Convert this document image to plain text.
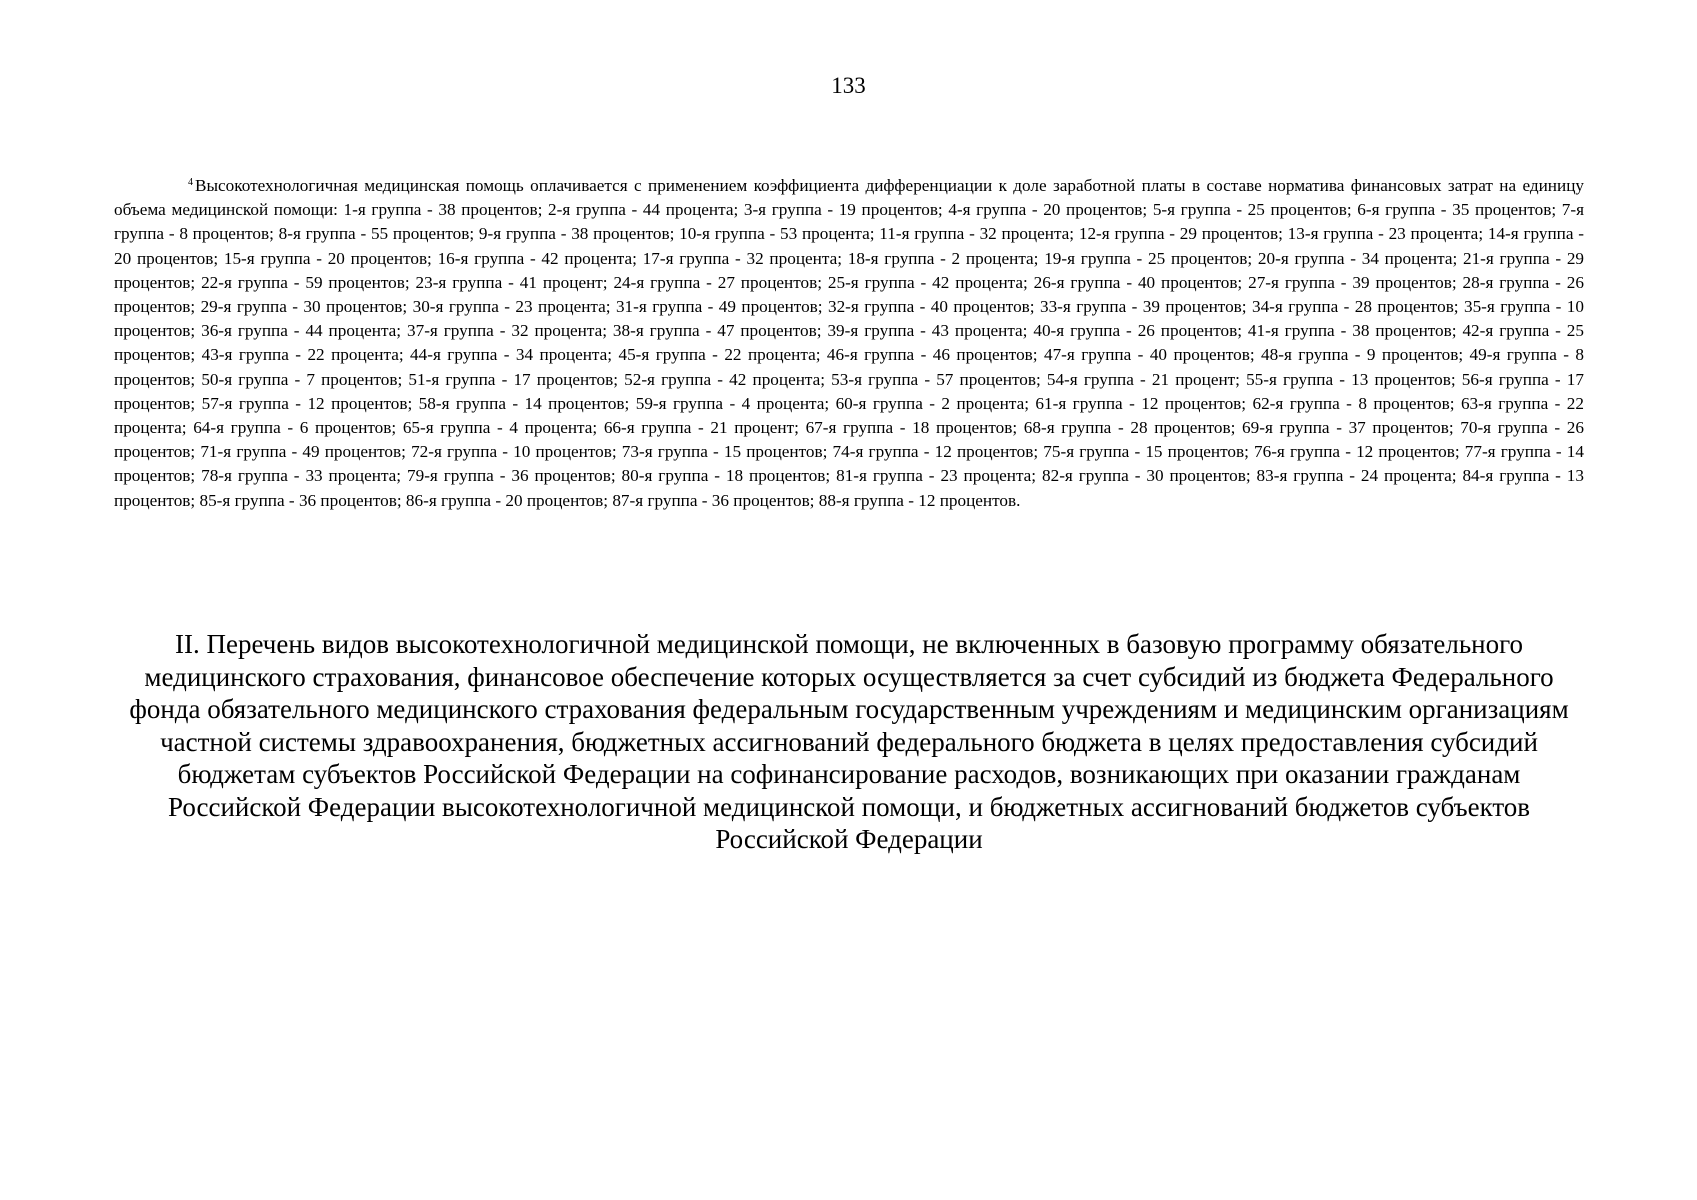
133

$^4$ Высокотехнологичная медицинская помощь оплачивается с применением коэффициента дифференциации к доле заработной платы в составе норматива финансовых затрат на единицу объема медицинской помощи: 1-я группа - 38 процентов; 2-я группа - 44 процента; 3-я группа - 19 процентов; 4-я группа - 20 процентов; 5-я группа - 25 процентов; 6-я группа - 35 процентов; 7-я группа - 8 процентов; 8-я группа - 55 процентов; 9-я группа - 38 процентов; 10-я группа - 53 процента; 11-я группа - 32 процента; 12-я группа - 29 процентов; 13-я группа - 23 процента; 14-я группа - 20 процентов; 15-я группа - 20 процентов; 16-я группа - 42 процента; 17-я группа - 32 процента; 18-я группа - 2 процента; 19-я группа - 25 процентов; 20-я группа - 34 процента; 21-я группа - 29 процентов; 22-я группа - 59 процентов; 23-я группа - 41 процент; 24-я группа - 27 процентов; 25-я группа - 42 процента; 26-я группа - 40 процентов; 27-я группа - 39 процентов; 28-я группа - 26 процентов; 29-я группа - 30 процентов; 30-я группа - 23 процента; 31-я группа - 49 процентов; 32-я группа - 40 процентов; 33-я группа - 39 процентов; 34-я группа - 28 процентов; 35-я группа - 10 процентов; 36-я группа - 44 процента; 37-я группа - 32 процента; 38-я группа - 47 процентов; 39-я группа - 43 процента; 40-я группа - 26 процентов; 41-я группа - 38 процентов; 42-я группа - 25 процентов; 43-я группа - 22 процента; 44-я группа - 34 процента; 45-я группа - 22 процента; 46-я группа - 46 процентов; 47-я группа - 40 процентов; 48-я группа - 9 процентов; 49-я группа - 8 процентов; 50-я группа - 7 процентов; 51-я группа - 17 процентов; 52-я группа - 42 процента; 53-я группа - 57 процентов; 54-я группа - 21 процент; 55-я группа - 13 процентов; 56-я группа - 17 процентов; 57-я группа - 12 процентов; 58-я группа - 14 процентов; 59-я группа - 4 процента; 60-я группа - 2 процента; 61-я группа - 12 процентов; 62-я группа - 8 процентов; 63-я группа - 22 процента; 64-я группа - 6 процентов; 65-я группа - 4 процента; 66-я группа - 21 процент; 67-я группа - 18 процентов; 68-я группа - 28 процентов; 69-я группа - 37 процентов; 70-я группа - 26 процентов; 71-я группа - 49 процентов; 72-я группа - 10 процентов; 73-я группа - 15 процентов; 74-я группа - 12 процентов; 75-я группа - 15 процентов; 76-я группа - 12 процентов; 77-я группа - 14 процентов; 78-я группа - 33 процента; 79-я группа - 36 процентов; 80-я группа - 18 процентов; 81-я группа - 23 процента; 82-я группа - 30 процентов; 83-я группа - 24 процента; 84-я группа - 13 процентов; 85-я группа - 36 процентов; 86-я группа - 20 процентов; 87-я группа - 36 процентов; 88-я группа - 12 процентов.

II. Перечень видов высокотехнологичной медицинской помощи, не включенных в базовую программу обязательного медицинского страхования, финансовое обеспечение которых осуществляется за счет субсидий из бюджета Федерального фонда обязательного медицинского страхования федеральным государственным учреждениям и медицинским организациям частной системы здравоохранения, бюджетных ассигнований федерального бюджета в целях предоставления субсидий бюджетам субъектов Российской Федерации на софинансирование расходов, возникающих при оказании гражданам Российской Федерации высокотехнологичной медицинской помощи, и бюджетных ассигнований бюджетов субъектов Российской Федерации
